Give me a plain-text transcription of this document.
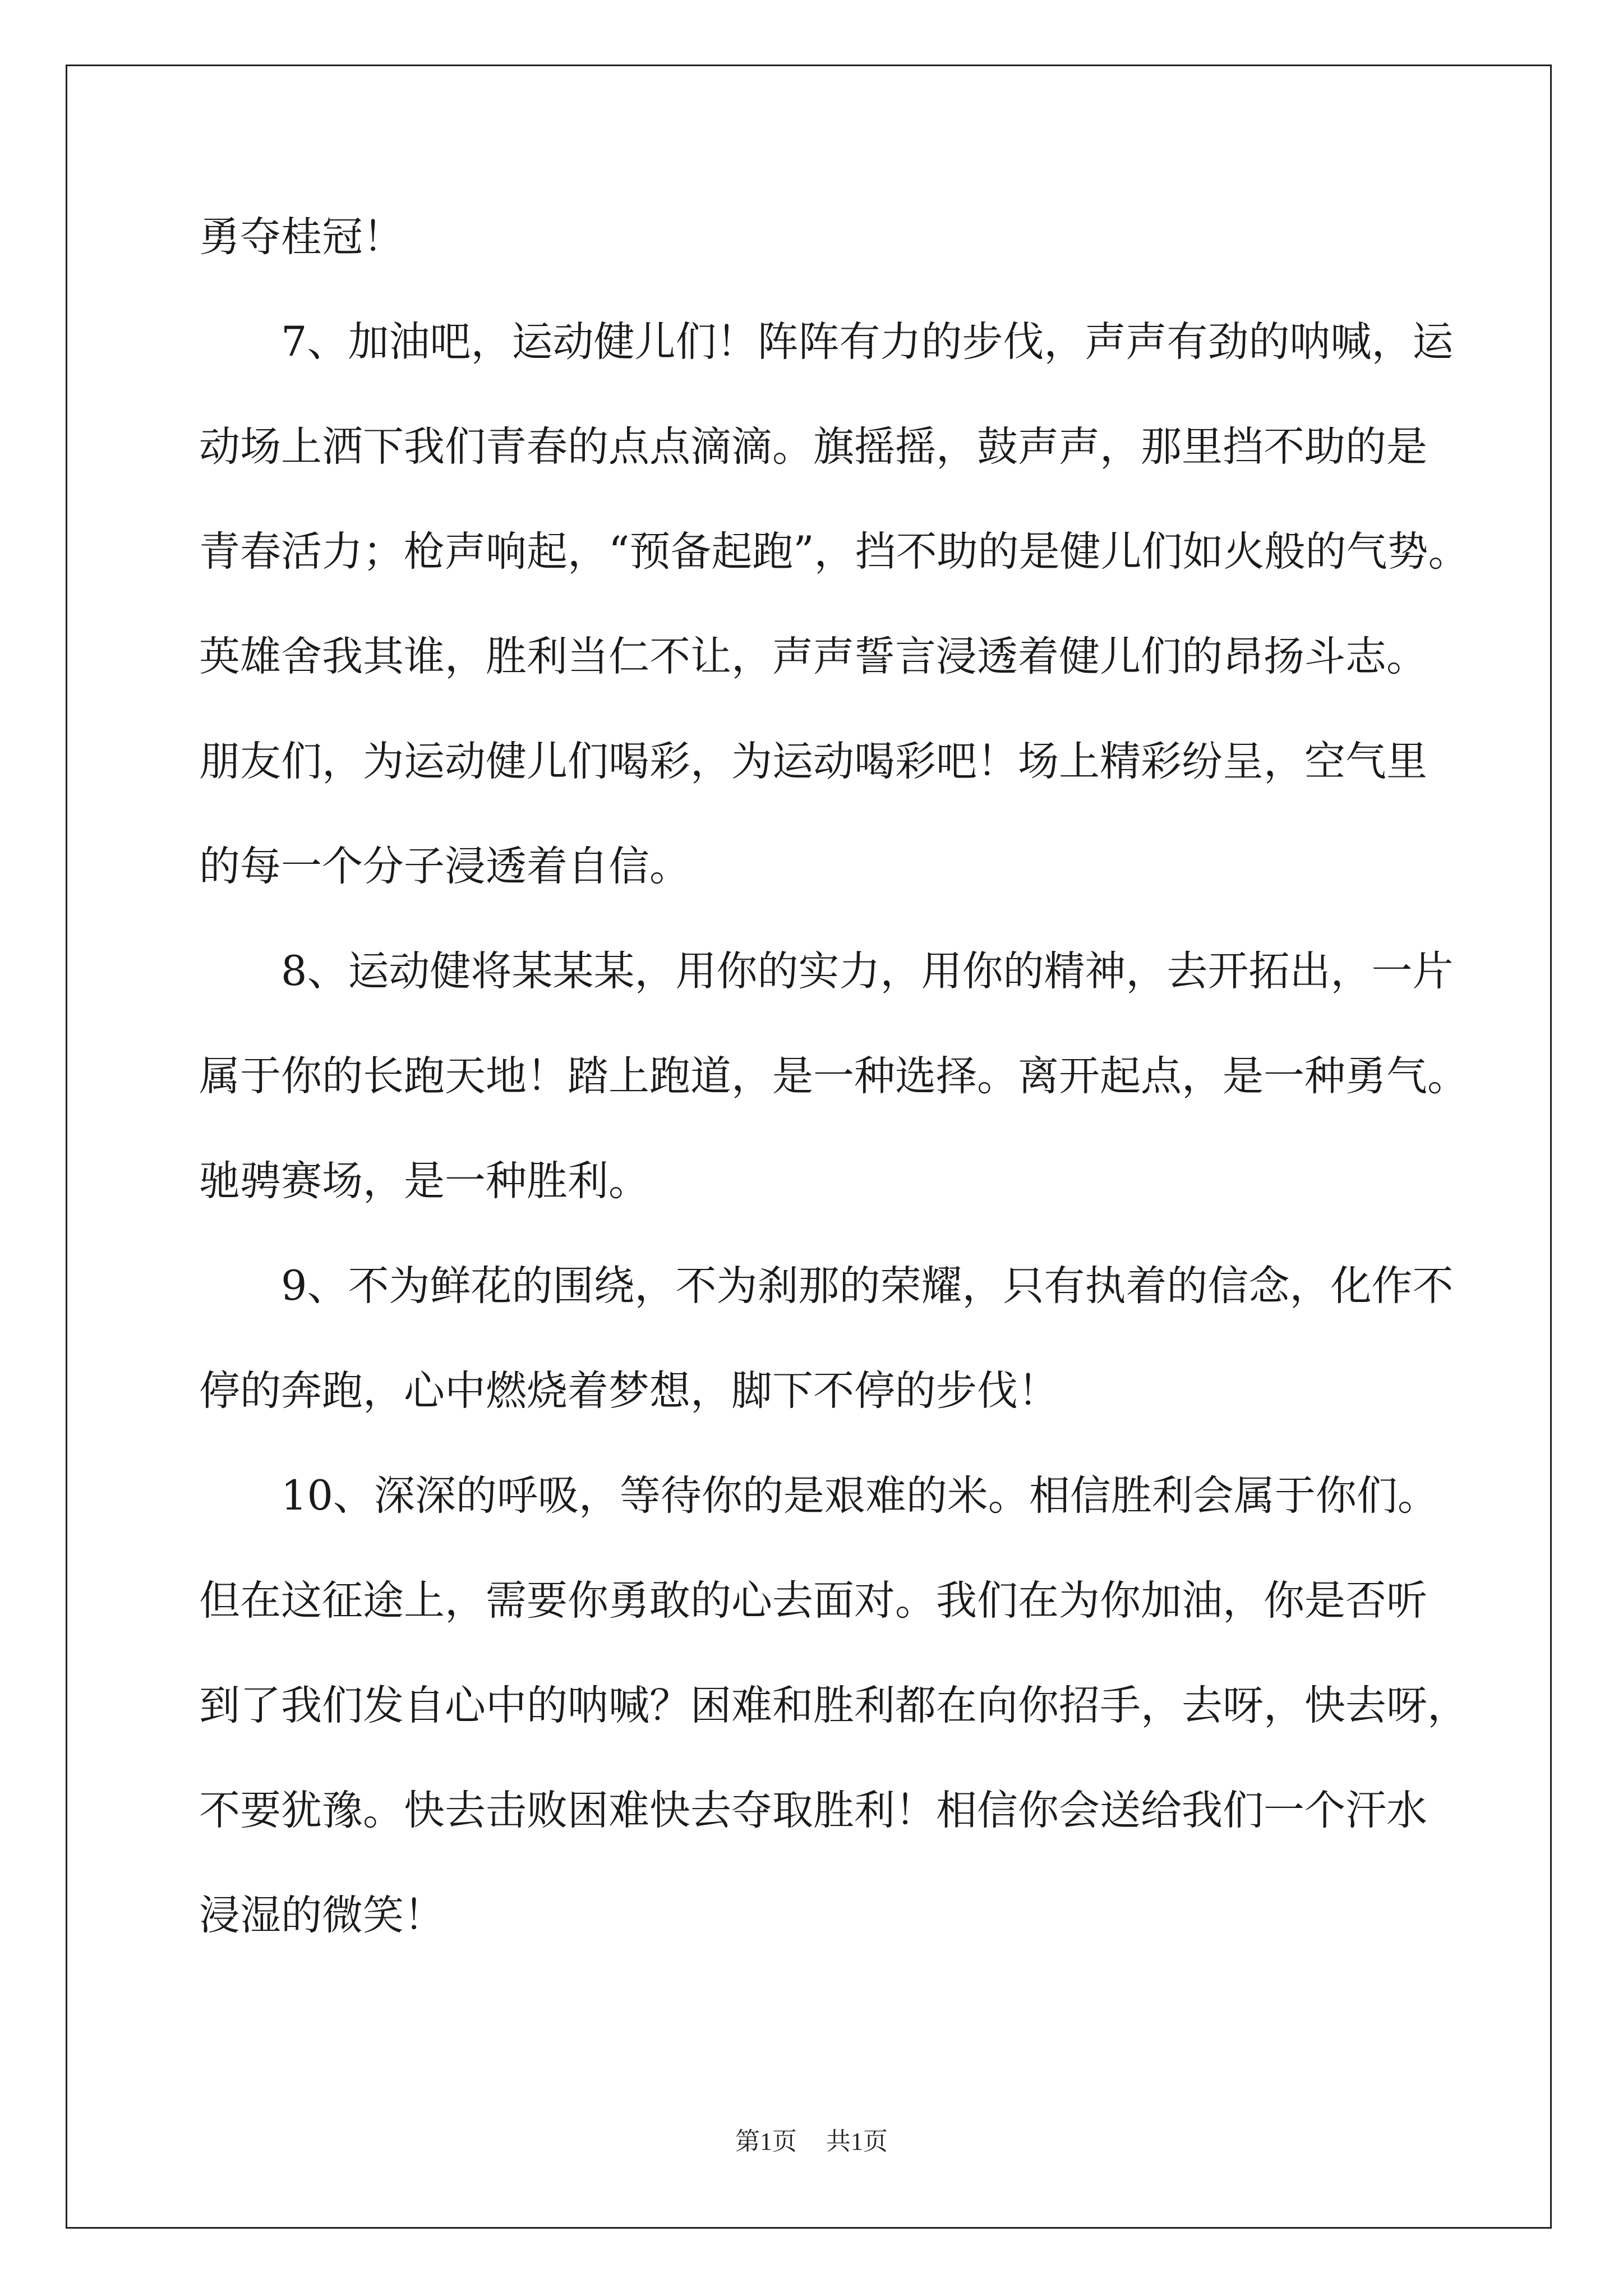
勇夺桂冠！
　　7、加油吧，运动健儿们！阵阵有力的步伐，声声有劲的呐喊，运
动场上洒下我们青春的点点滴滴。旗摇摇，鼓声声，那里挡不助的是
青春活力；枪声响起，“预备起跑”，挡不助的是健儿们如火般的气势。
英雄舍我其谁，胜利当仁不让，声声誓言浸透着健儿们的昂扬斗志。
朋友们，为运动健儿们喝彩，为运动喝彩吧！场上精彩纷呈，空气里
的每一个分子浸透着自信。
　　8、运动健将某某某，用你的实力，用你的精神，去开拓出，一片
属于你的长跑天地！踏上跑道，是一种选择。离开起点，是一种勇气。
驰骋赛场，是一种胜利。
　　9、不为鲜花的围绕，不为刹那的荣耀，只有执着的信念，化作不
停的奔跑，心中燃烧着梦想，脚下不停的步伐！
　　10、深深的呼吸，等待你的是艰难的米。相信胜利会属于你们。
但在这征途上，需要你勇敢的心去面对。我们在为你加油，你是否听
到了我们发自心中的呐喊？困难和胜利都在向你招手，去呀，快去呀，
不要犹豫。快去击败困难快去夺取胜利！相信你会送给我们一个汗水
浸湿的微笑！
第1页 共1页
